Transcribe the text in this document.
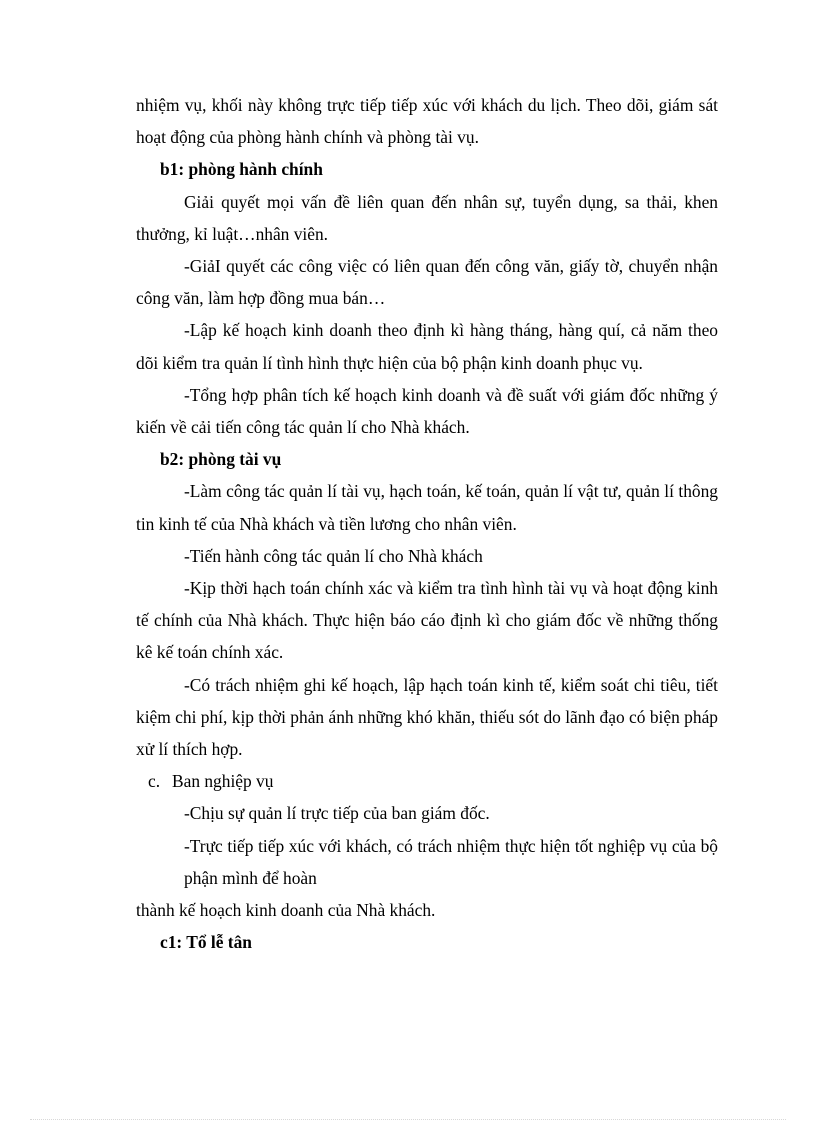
nhiệm vụ, khối này không trực tiếp tiếp xúc với khách du lịch. Theo dõi, giám sát hoạt động của phòng hành chính và phòng tài vụ.

b1: phòng hành chính

Giải quyết mọi vấn đề liên quan đến nhân sự, tuyển dụng, sa thải, khen thưởng, kỉ luật…nhân viên.

-GiảI quyết các công việc có liên quan đến công văn, giấy tờ, chuyển nhận công văn, làm hợp đồng mua bán…

-Lập kế hoạch kinh doanh theo định kì hàng tháng, hàng quí, cả năm theo dõi kiểm tra quản lí tình hình thực hiện của bộ phận kinh doanh phục vụ.

-Tổng hợp phân tích kế hoạch kinh doanh và đề suất với giám đốc những ý kiến về cải tiến công tác quản lí cho Nhà khách.

b2: phòng tài vụ

-Làm công tác quản lí tài vụ, hạch toán, kế toán, quản lí vật tư, quản lí thông tin kinh tế của Nhà khách và tiền lương cho nhân viên.

-Tiến hành công tác quản lí cho Nhà khách

-Kịp thời hạch toán chính xác và kiểm tra tình hình tài vụ và hoạt động kinh tế chính của Nhà khách. Thực hiện báo cáo định kì cho giám đốc về những thống kê kế toán chính xác.

-Có trách nhiệm ghi kế hoạch, lập hạch toán kinh tế, kiểm soát chi tiêu, tiết kiệm chi phí, kịp thời phản ánh những khó khăn, thiếu sót do lãnh đạo có biện pháp xử lí thích hợp.

c. Ban nghiệp vụ

-Chịu sự quản lí trực tiếp của ban giám đốc.

-Trực tiếp tiếp xúc với khách, có trách nhiệm thực hiện tốt nghiệp vụ của bộ phận mình để hoàn

thành kế hoạch kinh doanh của Nhà khách.

c1: Tổ lễ tân
